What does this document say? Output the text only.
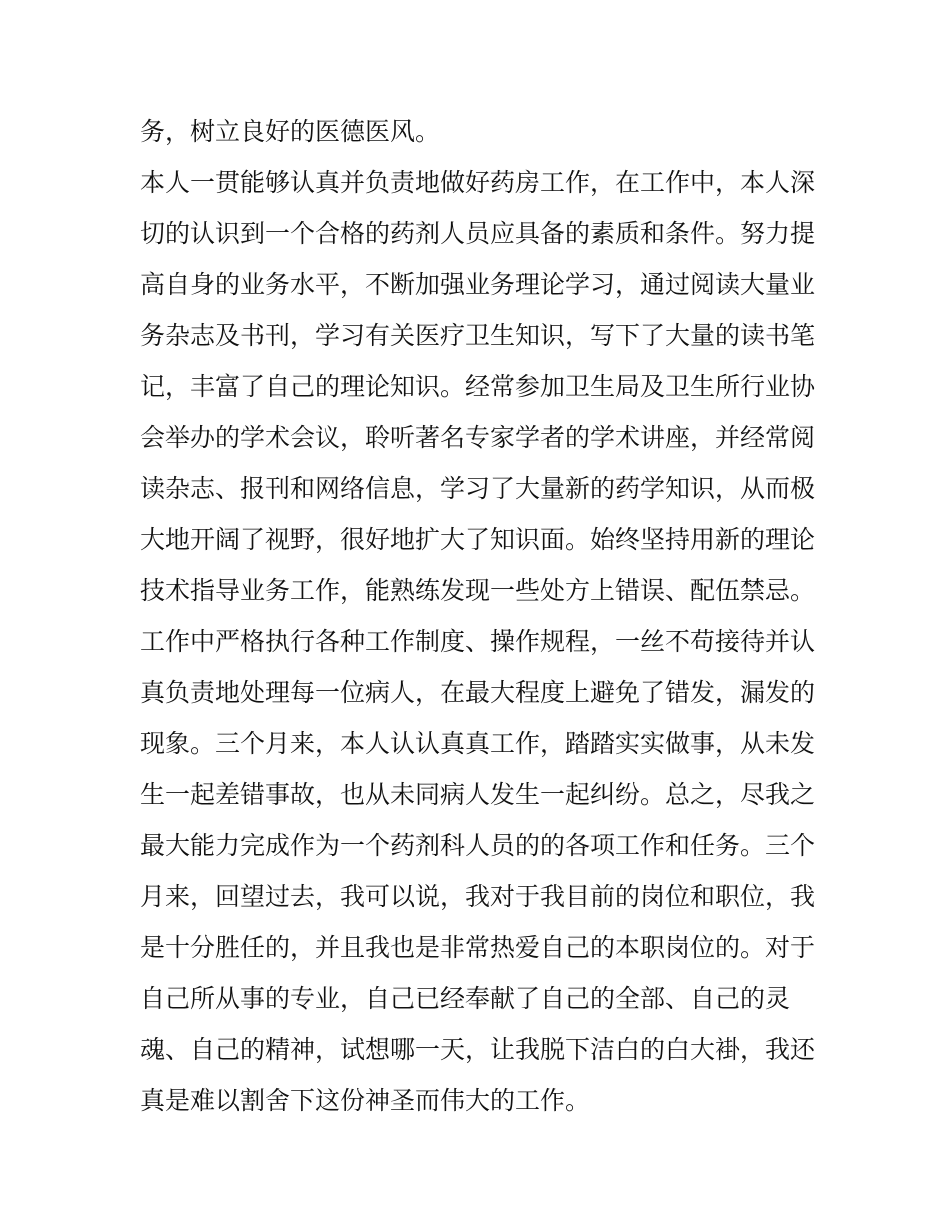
务，树立良好的医德医风。
本人一贯能够认真并负责地做好药房工作，在工作中，本人深
切的认识到一个合格的药剂人员应具备的素质和条件。努力提
高自身的业务水平，不断加强业务理论学习，通过阅读大量业
务杂志及书刊，学习有关医疗卫生知识，写下了大量的读书笔
记，丰富了自己的理论知识。经常参加卫生局及卫生所行业协
会举办的学术会议，聆听著名专家学者的学术讲座，并经常阅
读杂志、报刊和网络信息，学习了大量新的药学知识，从而极
大地开阔了视野，很好地扩大了知识面。始终坚持用新的理论
技术指导业务工作，能熟练发现一些处方上错误、配伍禁忌。
工作中严格执行各种工作制度、操作规程，一丝不苟接待并认
真负责地处理每一位病人，在最大程度上避免了错发，漏发的
现象。三个月来，本人认认真真工作，踏踏实实做事，从未发
生一起差错事故，也从未同病人发生一起纠纷。总之，尽我之
最大能力完成作为一个药剂科人员的的各项工作和任务。三个
月来，回望过去，我可以说，我对于我目前的岗位和职位，我
是十分胜任的，并且我也是非常热爱自己的本职岗位的。对于
自己所从事的专业，自己已经奉献了自己的全部、自己的灵
魂、自己的精神，试想哪一天，让我脱下洁白的白大褂，我还
真是难以割舍下这份神圣而伟大的工作。
